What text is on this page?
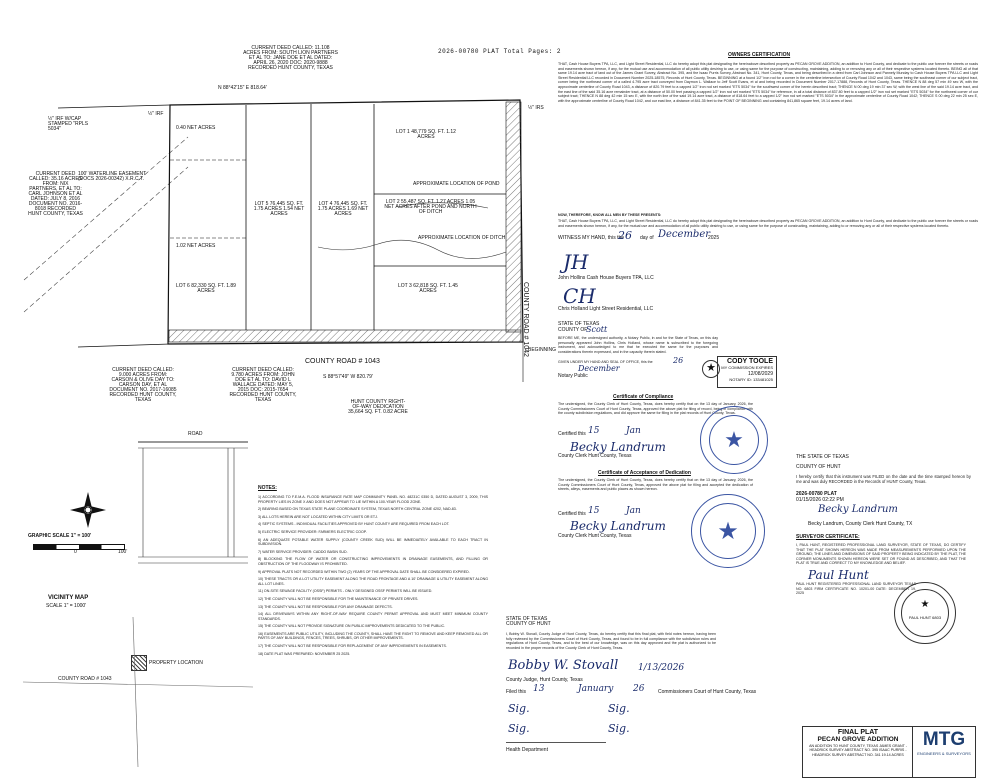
2026-00780 PLAT Total Pages: 2
N 88°42'15" E 818.64'
S 88°57'49" W 820.79'
COUNTY ROAD # 1043
COUNTY ROAD # 1042 BEGINNING
LOT 1 48,779 SQ. FT. 1.12 ACRES
LOT 2 55,487 SQ. FT. 1.27 ACRES 1.05 NET ACRES AFTER POND AND NORTH OF DITCH
LOT 3 62,818 SQ. FT. 1.45 ACRES
LOT 4 76,445 SQ. FT. 1.75 ACRES 1.69 NET ACRES
LOT 5 76,445 SQ. FT. 1.75 ACRES 1.54 NET ACRES
LOT 6 82,330 SQ. FT. 1.89 ACRES
0.40 NET ACRES
1.02 NET ACRES
APPROXIMATE LOCATION OF POND
APPROXIMATE LOCATION OF DITCH
100' WATERLINE EASEMENT (DOCS 2026-00342) X.R.C.T.
CURRENT DEED CALLED: 11.108 ACRES FROM: SOUTH LION PARTNERS ET AL TO: JANE DOE ET AL DATED: APRIL 26, 2020 DOC: 2020-9888 RECORDED HUNT COUNTY, TEXAS
CURRENT DEED CALLED: 35.16 ACRES FROM: NIX PARTNERS, ET AL TO: CARL JOHNSON ET AL DATED: JULY 8, 2016 DOCUMENT NO. 2016-8018 RECORDED HUNT COUNTY, TEXAS
CURRENT DEED CALLED: 9.000 ACRES FROM: CARSON & OLIVE DAY TO: CARSON DAY, ET AL DOCUMENT NO. 2017-16085 RECORDED HUNT COUNTY, TEXAS
CURRENT DEED CALLED: 9.780 ACRES FROM: JOHN DOE ET AL TO: DAVID L WALLACE DATED: MAY 5, 2015 DOC: 2015-7654 RECORDED HUNT COUNTY, TEXAS	HUNT COUNTY RIGHT-OF-WAY DEDICATION 35,664 SQ. FT. 0.82 ACRE
½" IRF W/CAP STAMPED "RPLS 5034"
½" IRF
½" IRS
GRAPHIC SCALE 1" = 100'
0	100'
ROAD
VICINITY MAP
SCALE 1" = 1000'
PROPERTY LOCATION
COUNTY ROAD # 1043
NOTES:
1) ACCORDING TO F.E.M.A. FLOOD INSURANCE RATE MAP COMMUNITY PANEL NO. 48231C 0350 D, DATED AUGUST 3, 2009, THIS PROPERTY LIES IN ZONE X AND DOES NOT APPEAR TO LIE WITHIN A 100-YEAR FLOOD ZONE.
2) BEARING BASED ON TEXAS STATE PLANE COORDINATE SYSTEM, TEXAS NORTH CENTRAL ZONE 4202, NAD-83.
3) ALL LOTS HEREIN ARE NOT LOCATED WITHIN CITY LIMITS OR ETJ.
4) SEPTIC SYSTEMS - INDIVIDUAL FACILITIES APPROVED BY HUNT COUNTY ARE REQUIRED FROM EACH LOT.
5) ELECTRIC SERVICE PROVIDER: FARMERS ELECTRIC COOP.
6) AN ADEQUATE POTABLE WATER SUPPLY (COUNTY CREEK SUD) WILL BE IMMEDIATELY AVAILABLE TO EACH TRACT IN SUBDIVISION.
7) WATER SERVICE PROVIDER: CADDO BASIN SUD.
8) BLOCKING THE FLOW OF WATER OR CONSTRUCTING IMPROVEMENTS IN DRAINAGE EASEMENTS, AND FILLING OR OBSTRUCTION OF THE FLOODWAY IS PROHIBITED.
9) APPROVAL PLATS NOT RECORDED WITHIN TWO (2) YEARS OF THE APPROVAL DATE SHALL BE CONSIDERED EXPIRED.
10) THESE TRACTS OR A LOT UTILITY EASEMENT ALONG THE ROAD FRONTAGE AND A 10' DRAINAGE & UTILITY EASEMENT ALONG ALL LOT LINES.
11) ON-SITE SEWAGE FACILITY (OSSF) PERMITS - ONLY DESIGNED OSSF PERMITS WILL BE ISSUED.
12) THE COUNTY WILL NOT BE RESPONSIBLE FOR THE MAINTENANCE OF PRIVATE DRIVES.
13) THE COUNTY WILL NOT BE RESPONSIBLE FOR ANY DRAINAGE DEFECTS.
14) ALL DRIVEWAYS WITHIN ANY RIGHT-OF-WAY REQUIRE COUNTY PERMIT APPROVAL AND MUST MEET MINIMUM COUNTY STANDARDS.
15) THE COUNTY WILL NOT PROVIDE SIGNATURE ON PUBLIC IMPROVEMENTS DEDICATED TO THE PUBLIC.
16) EASEMENTS ARE PUBLIC UTILITY, INCLUDING THE COUNTY, SHALL HAVE THE RIGHT TO REMOVE AND KEEP REMOVED ALL OR PARTS OF ANY BUILDINGS, FENCES, TREES, SHRUBS, OR OTHER IMPROVEMENTS.
17) THE COUNTY WILL NOT BE RESPONSIBLE FOR REPLACEMENT OF ANY IMPROVEMENTS IN EASEMENTS.
18) DATE PLAT WAS PREPARED: NOVEMBER 25 2025.
OWNERS CERTIFICATION
THAT, Cash House Buyers TPA, LLC, and Light Street Residential, LLC do hereby adopt this plat designating the hereinabove described property as PECAN GROVE ADDITION, an addition to Hunt County, and dedicate to the public use forever the streets or roads and easements shown hereon, if any, for the mutual use and accommodation of all public utility desiring to use, or using same for the purpose of constructing, maintaining, adding to or removing any or all of their respective systems located thereto. BEING all of that same 19.14 acre tract of land out of the James Grant Survey, Abstract No. 395, and the Isaac Purris Survey, Abstract No. 341, Hunt County, Texas, and being described in a deed from Carl Johnson and Pannely Munday to Cash House Buyers TPA LLC and Light Street Residential LLC recorded in Document Number 2025-18575, Records of Hunt County, Texas. BEGINNING at a found 1/2" iron rod for a corner in the centerline intersection of County Road 1042 and 1043, same being the southeast corner of our subject tract, corner being the northeast corner of a called 4.795 acre tract conveyed from Daymon L. Wallace to Jeff Scott Evans, et al and being recorded in Document Number 2017-17888, Records of Hunt County, Texas. THENCE N 88 deg 57 min 49 sec W, with the approximate centerline of County Road 1043, a distance of 820.79 feet to a capped 1/2" iron rod set marked "ETS 5034" for the southwest corner of the herein described tract; THENCE N 00 deg 19 min 37 sec W, with the west line of the said 19.14 acre tract, and the east line of the said 35.16 acre remainder tract, at a distance of 50.00 feet passing a capped 1/2" iron rod set marked "ETS 5034" for reference, in all a total distance of 837.80 feet to a capped 1/2" iron rod set marked "ETS 5034" for the northwest corner of our subject tract; THENCE N 88 deg 42 min 15 sec E, with the north line of the said 19.14 acre tract, a distance of 818.64 feet to a capped 1/2" iron rod set marked "ETS 5034" in the approximate centerline of County Road 1042; THENCE S 00 deg 22 min 25 sec E, with the approximate centerline of County Road 1042, and our east line, a distance of 841.35 feet to the POINT OF BEGINNING and containing 841,865 square feet, 19.14 acres of land.
NOW, THEREFORE, KNOW ALL MEN BY THESE PRESENTS:
THAT, Cash House Buyers TPA, LLC, and Light Street Residential, LLC do hereby adopt this plat designating the hereinabove described property as PECAN GROVE ADDITION, an addition to Hunt County, and dedicate to the public use forever the streets or roads and easements shown hereon, if any, for the mutual use and accommodation of all public utility desiring to use, or using same for the purpose of constructing, maintaining, adding to or removing any or all of their respective systems located thereto.
WITNESS MY HAND, this the
26 day of December
2025
JH
John Hollins Cash House Buyers TPA, LLC
CH
Chris Holland Light Street Residential, LLC
STATE OF TEXAS
COUNTY OF
Scott
BEFORE ME, the undersigned authority, a Notary Public, in and for the State of Texas, on this day personally appeared John Hollins, Chris Holland, whose name is subscribed to the foregoing instrument, and acknowledged to me that he executed the same for the purposes and considerations therein expressed, and in the capacity therein stated.
GIVEN UNDER MY HAND AND SEAL OF OFFICE, this the	26
December
Notary Public
CODY TOOLE
MY COMMISSION EXPIRES
12/08/2029
NOTARY ID: 133481025
★
Certificate of Compliance
The undersigned, the County Clerk of Hunt County, Texas, does hereby certify that on the 13 day of January, 2026, the County Commissioners Court of Hunt County, Texas, approved the above plat for filing of record, being in compliance with the county subdivision regulations, and did approve the same for filing in the plat records of Hunt County, Texas.
Certified this 15	Jan
Becky Landrum
County Clerk Hunt County, Texas
Certificate of Acceptance of Dedication
The undersigned, the County Clerk of Hunt County, Texas, does hereby certify that on the 13 day of January, 2026, the County Commissioners Court of Hunt County, Texas, approved the above plat for filing and accepted the dedication of streets, alleys, easements and public places as shown hereon.
Certified this 15	Jan
Becky Landrum
County Clerk Hunt County, Texas
★
★
THE STATE OF TEXAS
COUNTY OF HUNT
I hereby certify that this instrument was FILED on the date and the time stamped hereon by me and was duly RECORDED in the Records of HUNT County, Texas.
2026-00780 PLAT
01/15/2026 02:22 PM
Becky Landrum
Becky Landrum, County Clerk Hunt County, TX
SURVEYOR CERTIFICATE:
I, PAUL HUNT, REGISTERED PROFESSIONAL LAND SURVEYOR, STATE OF TEXAS, DO CERTIFY THAT THE PLAT SHOWN HEREON WAS MADE FROM MEASUREMENTS PERFORMED UPON THE GROUND; THE LINES AND DIMENSIONS OF SAID PROPERTY BEING INDICATED BY THE PLAT, THE CORNER MONUMENTS SHOWN HEREON WERE SET OR FOUND AS DESCRIBED, AND THAT THE PLAT IS TRUE AND CORRECT TO MY KNOWLEDGE AND BELIEF.
Paul Hunt
PAUL HUNT REGISTERED PROFESSIONAL LAND SURVEYOR TEXAS NO. 6803 FIRM CERTIFICATE NO. 10201-00 DATE: DECEMBER 19, 2025
★
PAUL HUNT 6803
STATE OF TEXAS COUNTY OF HUNT
I, Bobby W. Stovall, County Judge of Hunt County, Texas, do hereby certify that this final plat, with field notes hereon, having been fully reviewed by the Commissioners Court of Hunt County, Texas, and found to be in full compliance with the subdivision rules and regulations of Hunt County, Texas, and to the best of our knowledge, was on this day approved and the plat is authorized to be recorded in the proper records of the County Clerk of Hunt County, Texas.
Bobby W. Stovall 1/13/2026
County Judge, Hunt County, Texas
Filed this 13	January 26	Commissioners Court of Hunt County, Texas
Sig.	Sig.
Sig.	Sig.
Health Department
FINAL PLAT
PECAN GROVE ADDITION
AN ADDITION TO HUNT COUNTY, TEXAS JAMES GRANT - HEADRICK SURVEY ABSTRACT NO. 395 ISAAC PURRIS - HEADRICK SURVEY ABSTRACT NO. 341 19.14 ACRES
MTG
ENGINEERS & SURVEYORS
